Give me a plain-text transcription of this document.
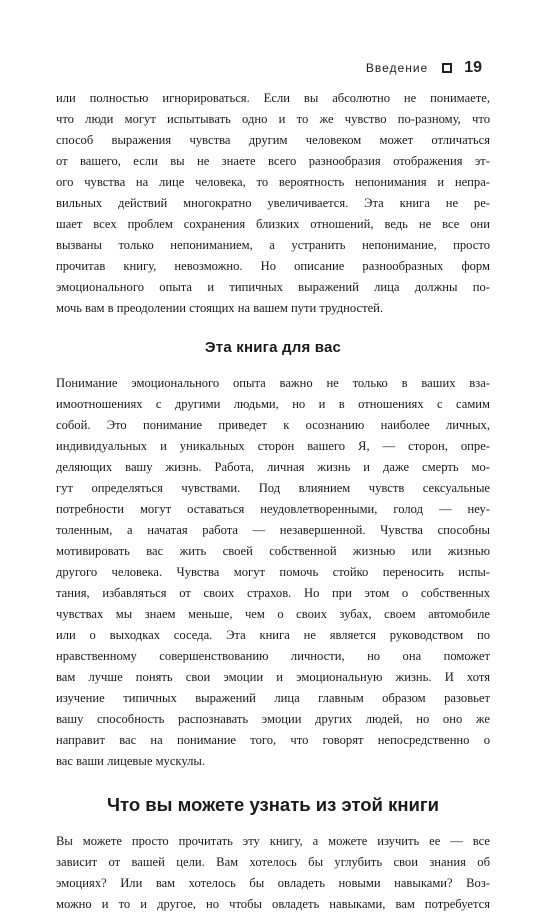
Введение 19

или полностью игнорироваться. Если вы абсолютно не понимаете,

что люди могут испытывать одно и то же чувство по-разному, что

способ выражения чувства другим человеком может отличаться

от вашего, если вы не знаете всего разнообразия отображения эт-

ого чувства на лице человека, то вероятность непонимания и непра-

вильных действий многократно увеличивается. Эта книга не ре-

шает всех проблем сохранения близких отношений, ведь не все они

вызваны только непониманием, а устранить непонимание, просто

прочитав книгу, невозможно. Но описание разнообразных форм

эмоционального опыта и типичных выражений лица должны по-

мочь вам в преодолении стоящих на вашем пути трудностей.

Эта книга для вас

Понимание эмоционального опыта важно не только в ваших вза-

имоотношениях с другими людьми, но и в отношениях с самим

собой. Это понимание приведет к осознанию наиболее личных,

индивидуальных и уникальных сторон вашего Я, — сторон, опре-

деляющих вашу жизнь. Работа, личная жизнь и даже смерть мо-

гут определяться чувствами. Под влиянием чувств сексуальные

потребности могут оставаться неудовлетворенными, голод — неу-

толенным, а начатая работа — незавершенной. Чувства способны

мотивировать вас жить своей собственной жизнью или жизнью

другого человека. Чувства могут помочь стойко переносить испы-

тания, избавляться от своих страхов. Но при этом о собственных

чувствах мы знаем меньше, чем о своих зубах, своем автомобиле

или о выходках соседа. Эта книга не является руководством по

нравственному совершенствованию личности, но она поможет

вам лучше понять свои эмоции и эмоциональную жизнь. И хотя

изучение типичных выражений лица главным образом разовьет

вашу способность распознавать эмоции других людей, но оно же

направит вас на понимание того, что говорят непосредственно о

вас ваши лицевые мускулы.

Что вы можете узнать из этой книги

Вы можете просто прочитать эту книгу, а можете изучить ее — все

зависит от вашей цели. Вам хотелось бы углубить свои знания об

эмоциях? Или вам хотелось бы овладеть новыми навыками? Воз-

можно и то и другое, но чтобы овладеть навыками, вам потребуется
